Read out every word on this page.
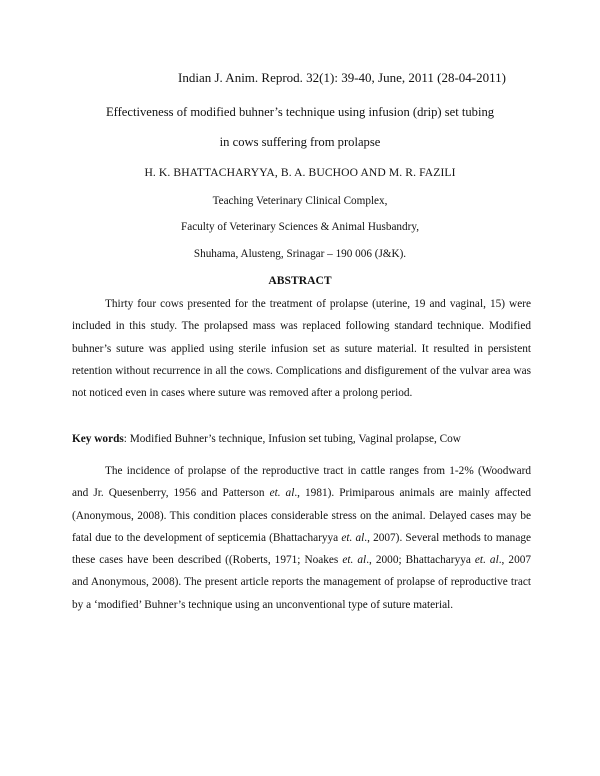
Indian J. Anim. Reprod. 32(1): 39-40, June, 2011 (28-04-2011)
Effectiveness of modified buhner’s technique using infusion (drip) set tubing
in cows suffering from prolapse
H. K. BHATTACHARYYA, B. A. BUCHOO AND M. R. FAZILI
Teaching Veterinary Clinical Complex,
Faculty of Veterinary Sciences & Animal Husbandry,
Shuhama, Alusteng, Srinagar – 190 006 (J&K).
ABSTRACT
Thirty four cows presented for the treatment of prolapse (uterine, 19 and vaginal, 15) were included in this study. The prolapsed mass was replaced following standard technique. Modified buhner’s suture was applied using sterile infusion set as suture material. It resulted in persistent retention without recurrence in all the cows. Complications and disfigurement of the vulvar area was not noticed even in cases where suture was removed after a prolong period.
Key words: Modified Buhner’s technique, Infusion set tubing, Vaginal prolapse, Cow
The incidence of prolapse of the reproductive tract in cattle ranges from 1-2% (Woodward and Jr. Quesenberry, 1956 and Patterson et. al., 1981). Primiparous animals are mainly affected (Anonymous, 2008). This condition places considerable stress on the animal. Delayed cases may be fatal due to the development of septicemia (Bhattacharyya et. al., 2007). Several methods to manage these cases have been described ((Roberts, 1971; Noakes et. al., 2000; Bhattacharyya et. al., 2007 and Anonymous, 2008). The present article reports the management of prolapse of reproductive tract by a ‘modified’ Buhner’s technique using an unconventional type of suture material.
